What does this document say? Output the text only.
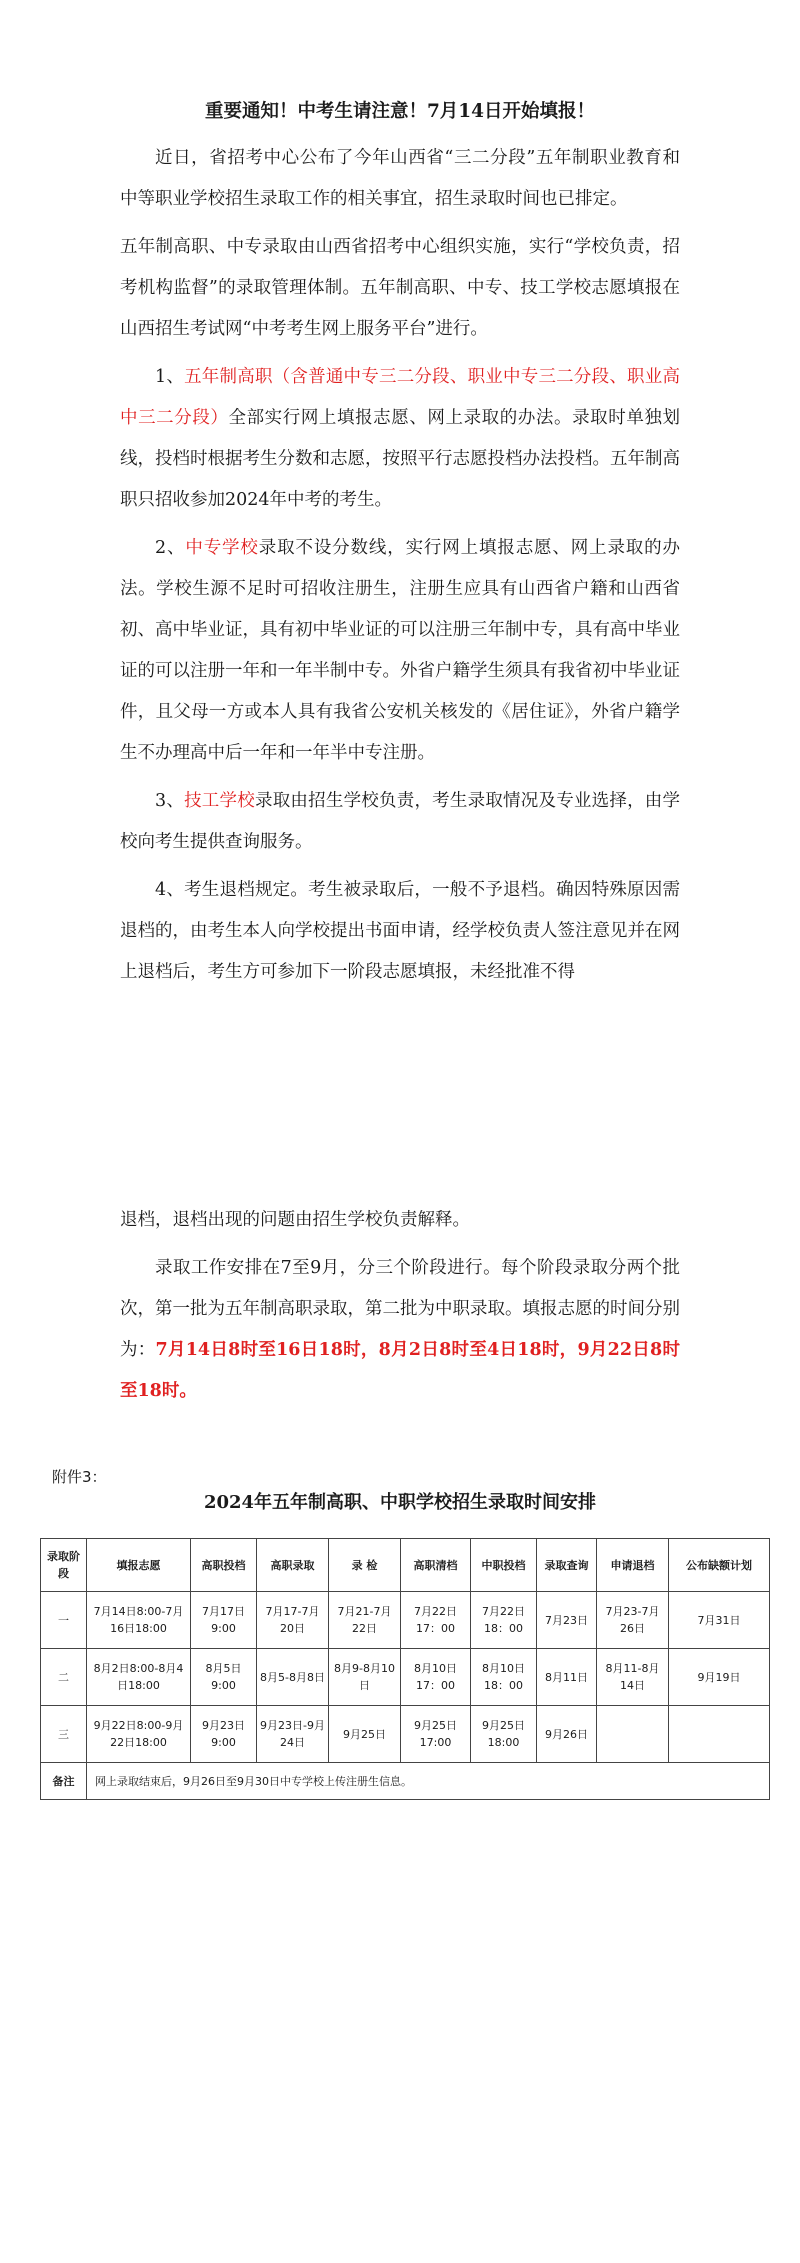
重要通知！中考生请注意！7月14日开始填报！

近日，省招考中心公布了今年山西省“三二分段”五年制职业教育和中等职业学校招生录取工作的相关事宜，招生录取时间也已排定。

五年制高职、中专录取由山西省招考中心组织实施，实行“学校负责，招考机构监督”的录取管理体制。五年制高职、中专、技工学校志愿填报在山西招生考试网“中考考生网上服务平台”进行。

1、五年制高职（含普通中专三二分段、职业中专三二分段、职业高中三二分段）全部实行网上填报志愿、网上录取的办法。录取时单独划线，投档时根据考生分数和志愿，按照平行志愿投档办法投档。五年制高职只招收参加2024年中考的考生。

2、中专学校录取不设分数线，实行网上填报志愿、网上录取的办法。学校生源不足时可招收注册生，注册生应具有山西省户籍和山西省初、高中毕业证，具有初中毕业证的可以注册三年制中专，具有高中毕业证的可以注册一年和一年半制中专。外省户籍学生须具有我省初中毕业证件，且父母一方或本人具有我省公安机关核发的《居住证》，外省户籍学生不办理高中后一年和一年半中专注册。

3、技工学校录取由招生学校负责，考生录取情况及专业选择，由学校向考生提供查询服务。

4、考生退档规定。考生被录取后，一般不予退档。确因特殊原因需退档的，由考生本人向学校提出书面申请，经学校负责人签注意见并在网上退档后，考生方可参加下一阶段志愿填报，未经批准不得

退档，退档出现的问题由招生学校负责解释。

录取工作安排在7至9月，分三个阶段进行。每个阶段录取分两个批次，第一批为五年制高职录取，第二批为中职录取。填报志愿的时间分别为：7月14日8时至16日18时，8月2日8时至4日18时，9月22日8时至18时。

附件3：
2024年五年制高职、中职学校招生录取时间安排
录取阶段	填报志愿	高职投档	高职录取	录 检	高职清档	中职投档	录取查询	申请退档	公布缺额计划
一	7月14日8:00-7月16日18:00	7月17日 9:00	7月17-7月20日	7月21-7月22日	7月22日 17：00	7月22日 18：00	7月23日	7月23-7月26日	7月31日
二	8月2日8:00-8月4日18:00	8月5日 9:00	8月5-8月8日	8月9-8月10日	8月10日 17：00	8月10日 18：00	8月11日	8月11-8月14日	9月19日
三	9月22日8:00-9月22日18:00	9月23日 9:00	9月23日-9月24日	9月25日	9月25日 17:00	9月25日 18:00	9月26日		
备注	网上录取结束后，9月26日至9月30日中专学校上传注册生信息。								
